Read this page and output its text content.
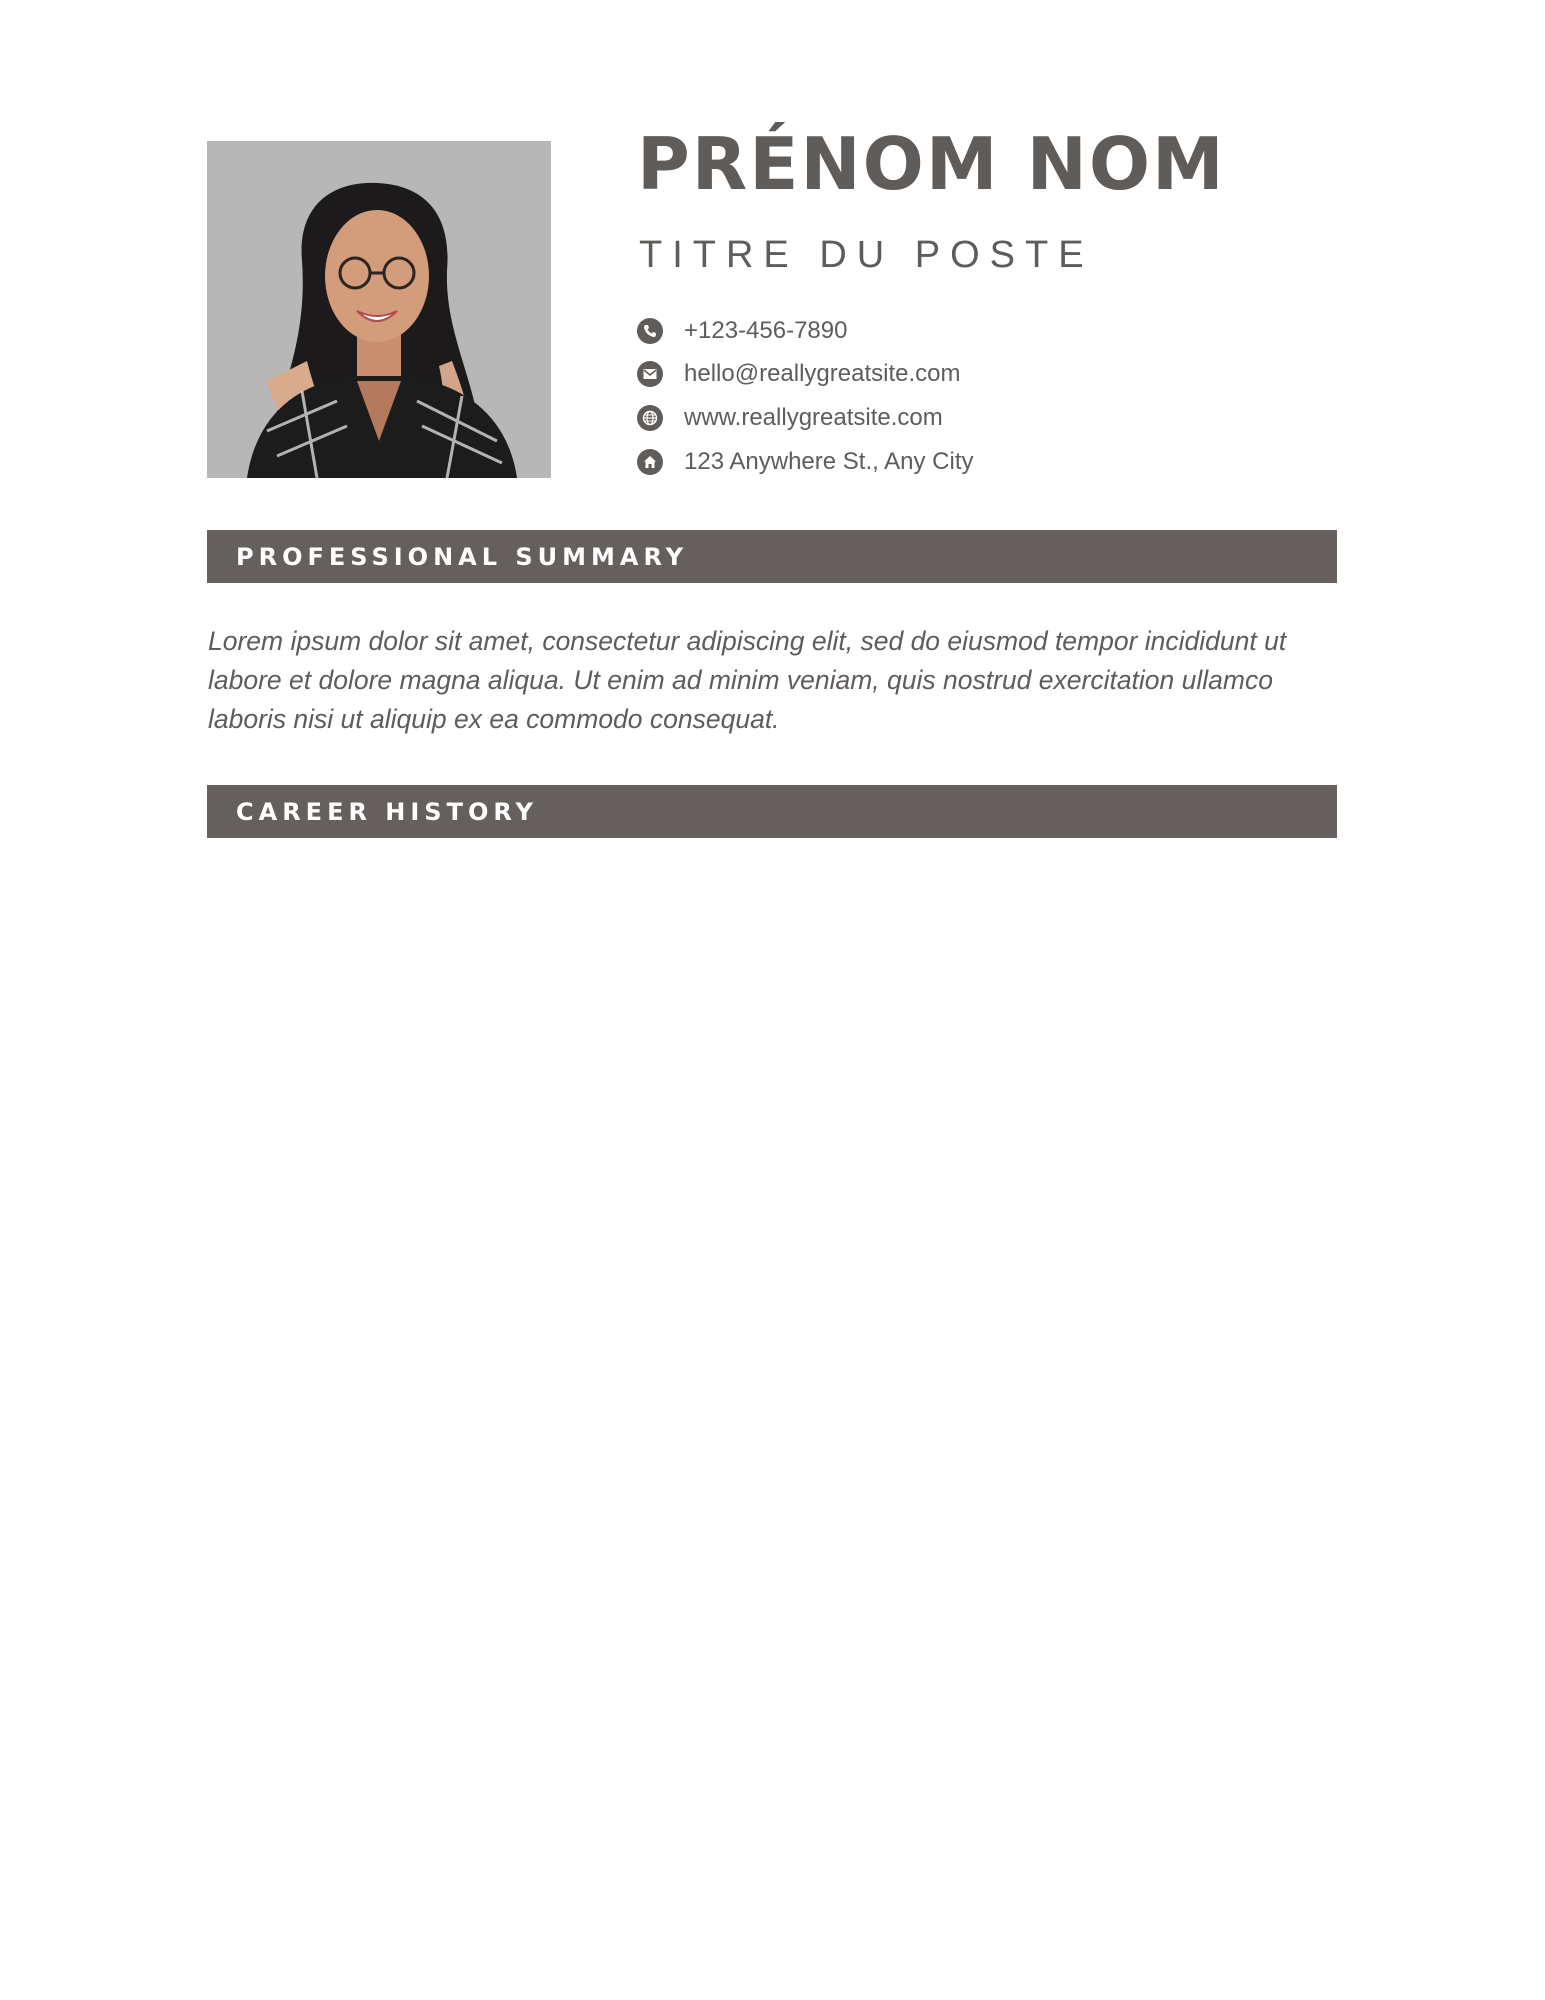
PRÉNOM NOM
TITRE DU POSTE
+123-456-7890
hello@reallygreatsite.com
www.reallygreatsite.com
123 Anywhere St., Any City
PROFESSIONAL SUMMARY

Lorem ipsum dolor sit amet, consectetur adipiscing elit, sed do eiusmod tempor incididunt ut labore et dolore magna aliqua. Ut enim ad minim veniam, quis nostrud exercitation ullamco laboris nisi ut aliquip ex ea commodo consequat.

CAREER HISTORY
